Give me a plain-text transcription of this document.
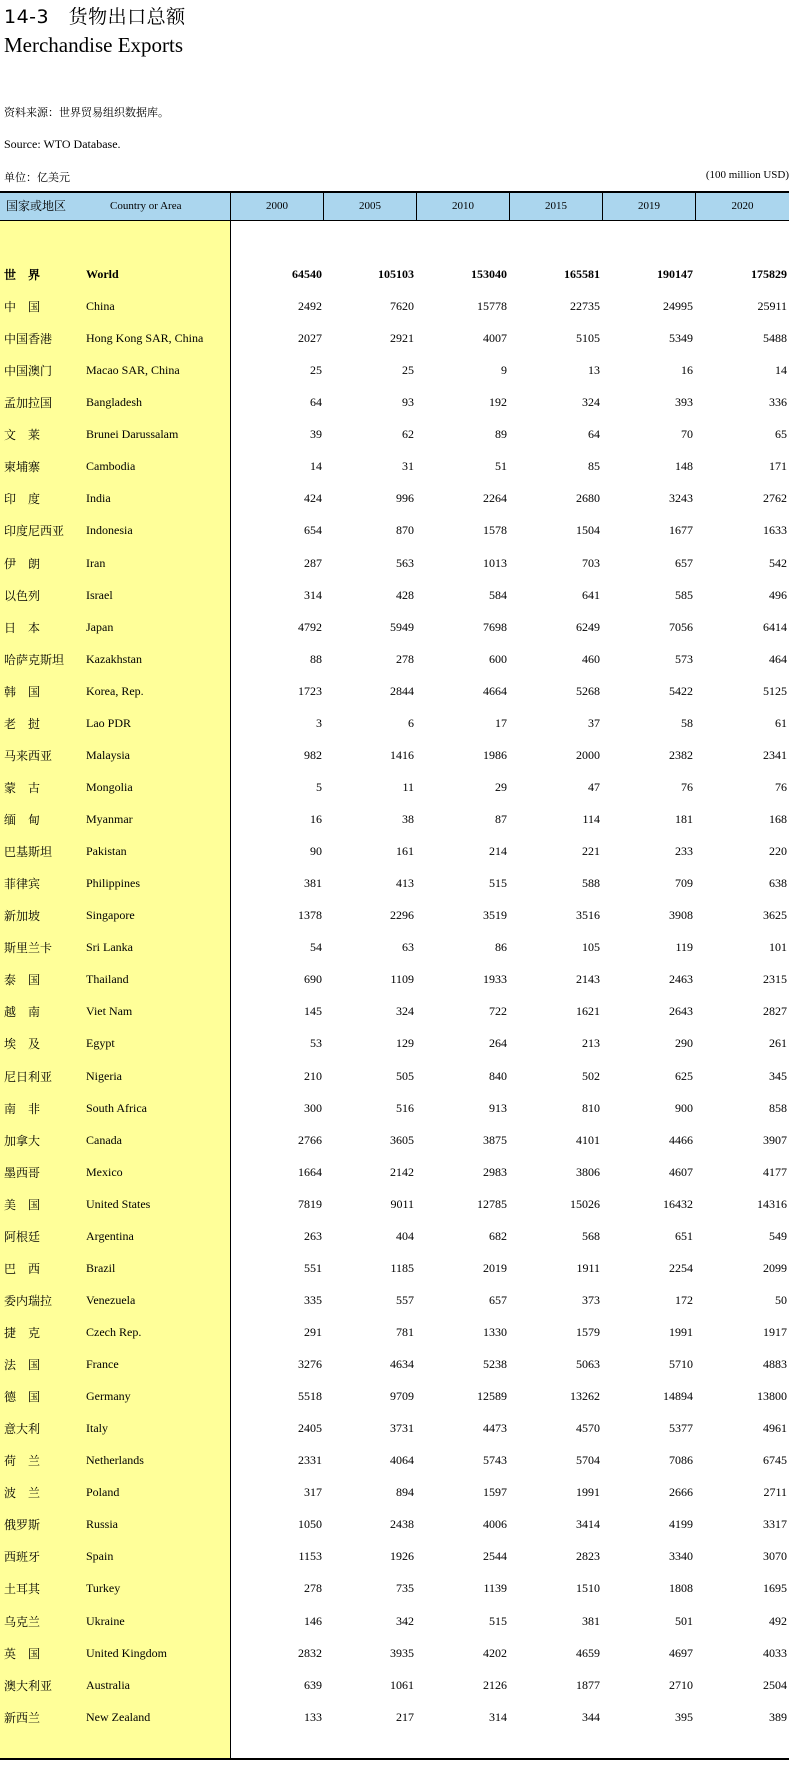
14-3　货物出口总额
Merchandise Exports
资料来源：世界贸易组织数据库。
Source: WTO Database.
单位：亿美元	(100 million USD)
国家或地区	Country or Area	2000	2005	2010	2015	2019	2020
世　界	World	64540	105103	153040	165581	190147	175829
中　国	China	2492	7620	15778	22735	24995	25911
中国香港	Hong Kong SAR, China	2027	2921	4007	5105	5349	5488
中国澳门	Macao SAR, China	25	25	9	13	16	14
孟加拉国	Bangladesh	64	93	192	324	393	336
文　莱	Brunei Darussalam	39	62	89	64	70	65
柬埔寨	Cambodia	14	31	51	85	148	171
印　度	India	424	996	2264	2680	3243	2762
印度尼西亚 Indonesia	654	870	1578	1504	1677	1633
伊　朗	Iran	287	563	1013	703	657	542
以色列	Israel	314	428	584	641	585	496
日　本	Japan	4792	5949	7698	6249	7056	6414
哈萨克斯坦 Kazakhstan	88	278	600	460	573	464
韩　国	Korea, Rep.	1723	2844	4664	5268	5422	5125
老　挝	Lao PDR	3	6	17	37	58	61
马来西亚	Malaysia	982	1416	1986	2000	2382	2341
蒙　古	Mongolia	5	11	29	47	76	76
缅　甸	Myanmar	16	38	87	114	181	168
巴基斯坦	Pakistan	90	161	214	221	233	220
菲律宾	Philippines	381	413	515	588	709	638
新加坡	Singapore	1378	2296	3519	3516	3908	3625
斯里兰卡	Sri Lanka	54	63	86	105	119	101
泰　国	Thailand	690	1109	1933	2143	2463	2315
越　南	Viet Nam	145	324	722	1621	2643	2827
埃　及	Egypt	53	129	264	213	290	261
尼日利亚	Nigeria	210	505	840	502	625	345
南　非	South Africa	300	516	913	810	900	858
加拿大	Canada	2766	3605	3875	4101	4466	3907
墨西哥	Mexico	1664	2142	2983	3806	4607	4177
美　国	United States	7819	9011	12785	15026	16432	14316
阿根廷	Argentina	263	404	682	568	651	549
巴　西	Brazil	551	1185	2019	1911	2254	2099
委内瑞拉	Venezuela	335	557	657	373	172	50
捷　克	Czech Rep.	291	781	1330	1579	1991	1917
法　国	France	3276	4634	5238	5063	5710	4883
德　国	Germany	5518	9709	12589	13262	14894	13800
意大利	Italy	2405	3731	4473	4570	5377	4961
荷　兰	Netherlands	2331	4064	5743	5704	7086	6745
波　兰	Poland	317	894	1597	1991	2666	2711
俄罗斯	Russia	1050	2438	4006	3414	4199	3317
西班牙	Spain	1153	1926	2544	2823	3340	3070
土耳其	Turkey	278	735	1139	1510	1808	1695
乌克兰	Ukraine	146	342	515	381	501	492
英　国	United Kingdom	2832	3935	4202	4659	4697	4033
澳大利亚	Australia	639	1061	2126	1877	2710	2504
新西兰	New Zealand	133	217	314	344	395	389
